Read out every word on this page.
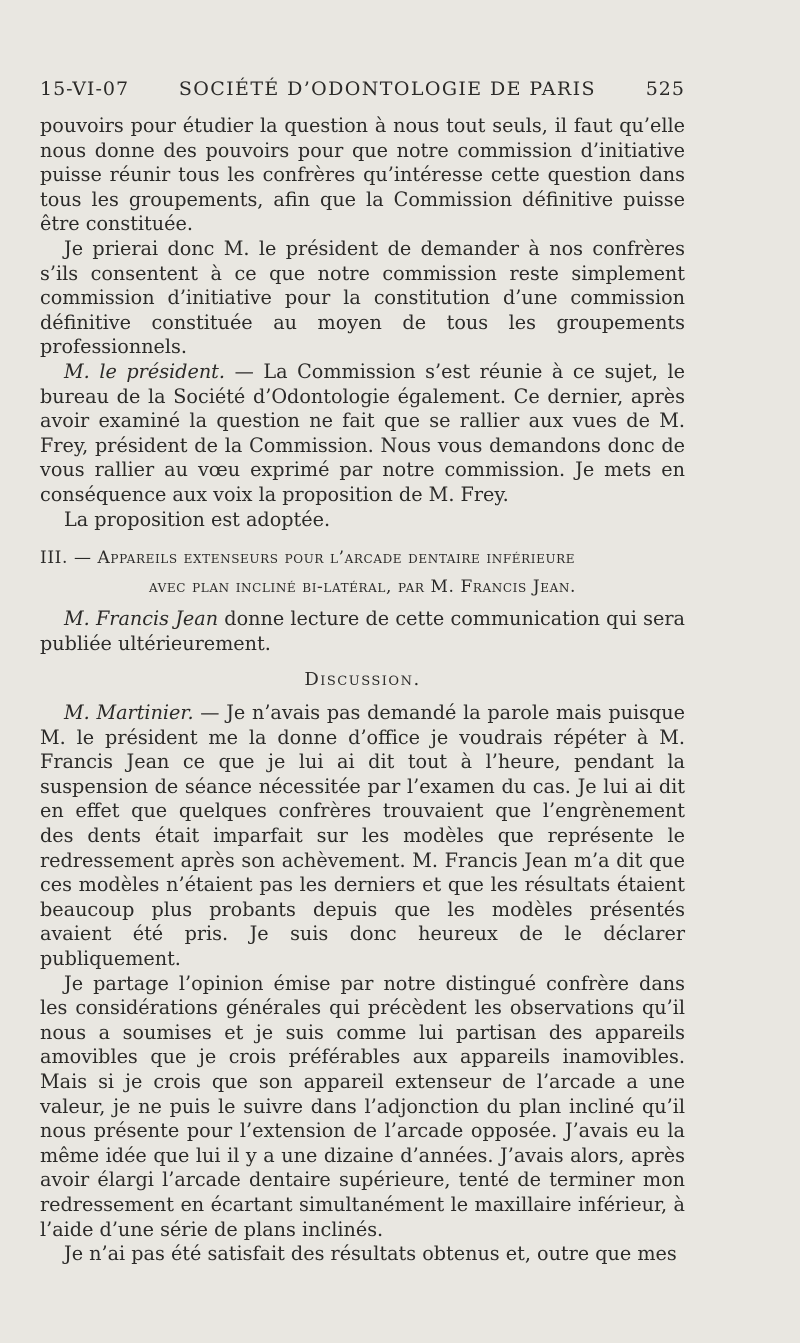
15-VI-07	SOCIÉTÉ D’ODONTOLOGIE DE PARIS	525

pouvoirs pour étudier la question à nous tout seuls, il faut qu’elle nous donne des pouvoirs pour que notre commission d’initiative puisse réunir tous les confrères qu’intéresse cette question dans tous les groupements, afin que la Commission définitive puisse être constituée.

Je prierai donc M. le président de demander à nos confrères s’ils consentent à ce que notre commission reste simplement commission d’initiative pour la constitution d’une commission définitive constituée au moyen de tous les groupements professionnels.

M. le président. — La Commission s’est réunie à ce sujet, le bureau de la Société d’Odontologie également. Ce dernier, après avoir examiné la question ne fait que se rallier aux vues de M. Frey, président de la Commission. Nous vous demandons donc de vous rallier au vœu exprimé par notre commission. Je mets en conséquence aux voix la proposition de M. Frey.

La proposition est adoptée.

III. — Appareils extenseurs pour l’arcade dentaire inférieure
avec plan incliné bi-latéral, par M. Francis Jean.

M. Francis Jean donne lecture de cette communication qui sera publiée ultérieurement.

Discussion.

M. Martinier. — Je n’avais pas demandé la parole mais puisque M. le président me la donne d’office je voudrais répéter à M. Francis Jean ce que je lui ai dit tout à l’heure, pendant la suspension de séance nécessitée par l’examen du cas. Je lui ai dit en effet que quelques confrères trouvaient que l’engrènement des dents était imparfait sur les modèles que représente le redressement après son achèvement. M. Francis Jean m’a dit que ces modèles n’étaient pas les derniers et que les résultats étaient beaucoup plus probants depuis que les modèles présentés avaient été pris. Je suis donc heureux de le déclarer publiquement.

Je partage l’opinion émise par notre distingué confrère dans les considérations générales qui précèdent les observations qu’il nous a soumises et je suis comme lui partisan des appareils amovibles que je crois préférables aux appareils inamovibles. Mais si je crois que son appareil extenseur de l’arcade a une valeur, je ne puis le suivre dans l’adjonction du plan incliné qu’il nous présente pour l’extension de l’arcade opposée. J’avais eu la même idée que lui il y a une dizaine d’années. J’avais alors, après avoir élargi l’arcade dentaire supérieure, tenté de terminer mon redressement en écartant simultanément le maxillaire inférieur, à l’aide d’une série de plans inclinés.

Je n’ai pas été satisfait des résultats obtenus et, outre que mes
